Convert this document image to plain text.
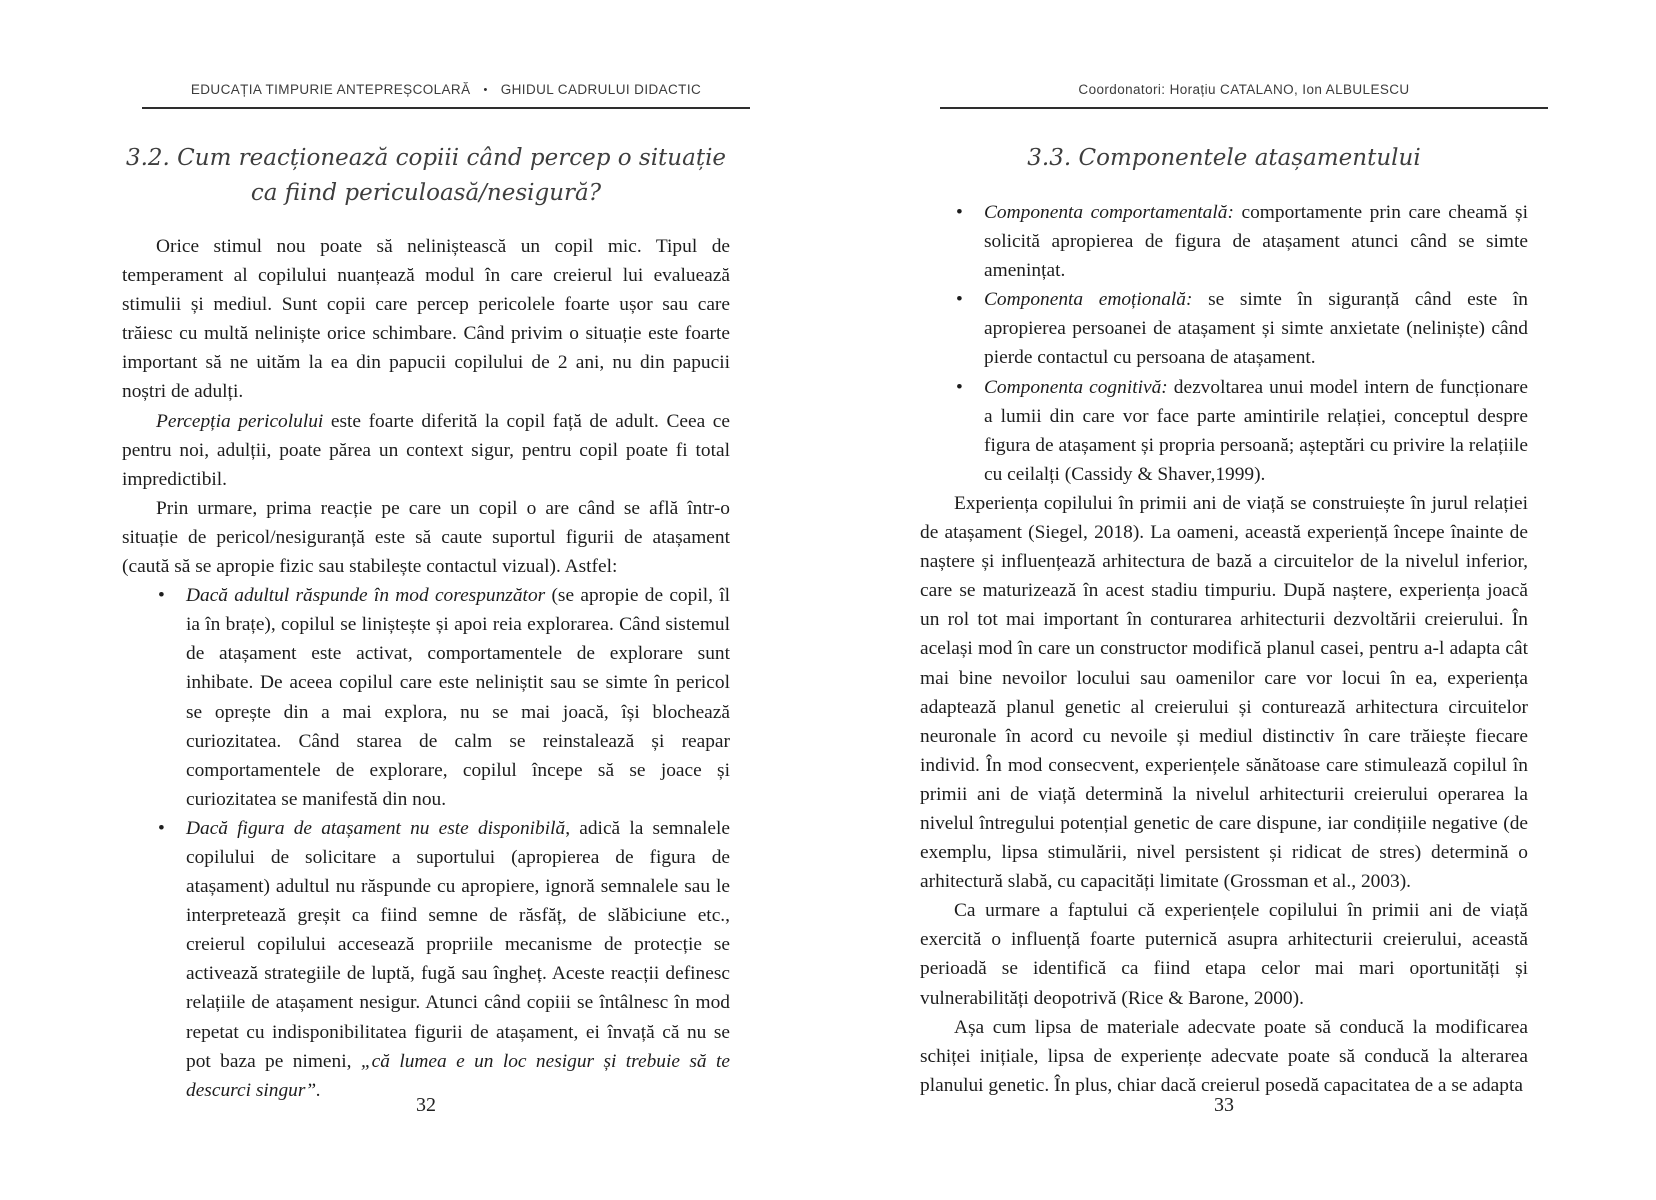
EDUCAȚIA TIMPURIE ANTEPREȘCOLARĂ • GHIDUL CADRULUI DIDACTIC
3.2. Cum reacționează copiii când percep o situație ca fiind periculoasă/nesigură?
Orice stimul nou poate să neliniștească un copil mic. Tipul de temperament al copilului nuanțează modul în care creierul lui evaluează stimulii și mediul. Sunt copii care percep pericolele foarte ușor sau care trăiesc cu multă neliniște orice schimbare. Când privim o situație este foarte important să ne uităm la ea din papucii copilului de 2 ani, nu din papucii noștri de adulți.
Percepția pericolului este foarte diferită la copil față de adult. Ceea ce pentru noi, adulții, poate părea un context sigur, pentru copil poate fi total impredictibil.
Prin urmare, prima reacție pe care un copil o are când se află într-o situație de pericol/nesiguranță este să caute suportul figurii de atașament (caută să se apropie fizic sau stabilește contactul vizual). Astfel:
• Dacă adultul răspunde în mod corespunzător (se apropie de copil, îl ia în brațe), copilul se liniștește și apoi reia explorarea. Când sistemul de atașament este activat, comportamentele de explorare sunt inhibate. De aceea copilul care este neliniștit sau se simte în pericol se oprește din a mai explora, nu se mai joacă, își blochează curiozitatea. Când starea de calm se reinstalează și reapar comportamentele de explorare, copilul începe să se joace și curiozitatea se manifestă din nou.
• Dacă figura de atașament nu este disponibilă, adică la semnalele copilului de solicitare a suportului (apropierea de figura de atașament) adultul nu răspunde cu apropiere, ignoră semnalele sau le interpretează greșit ca fiind semne de răsfăț, de slăbiciune etc., creierul copilului accesează propriile mecanisme de protecție se activează strategiile de luptă, fugă sau îngheț. Aceste reacții definesc relațiile de atașament nesigur. Atunci când copiii se întâlnesc în mod repetat cu indisponibilitatea figurii de atașament, ei învață că nu se pot baza pe nimeni, „că lumea e un loc nesigur și trebuie să te descurci singur”.
32
Coordonatori: Horațiu CATALANO, Ion ALBULESCU
3.3. Componentele atașamentului
• Componenta comportamentală: comportamente prin care cheamă și solicită apropierea de figura de atașament atunci când se simte amenințat.
• Componenta emoțională: se simte în siguranță când este în apropierea persoanei de atașament și simte anxietate (neliniște) când pierde contactul cu persoana de atașament.
• Componenta cognitivă: dezvoltarea unui model intern de funcționare a lumii din care vor face parte amintirile relației, conceptul despre figura de atașament și propria persoană; așteptări cu privire la relațiile cu ceilalți (Cassidy & Shaver,1999).
Experiența copilului în primii ani de viață se construiește în jurul relației de atașament (Siegel, 2018). La oameni, această experiență începe înainte de naștere și influențează arhitectura de bază a circuitelor de la nivelul inferior, care se maturizează în acest stadiu timpuriu. După naștere, experiența joacă un rol tot mai important în conturarea arhitecturii dezvoltării creierului. În același mod în care un constructor modifică planul casei, pentru a-l adapta cât mai bine nevoilor locului sau oamenilor care vor locui în ea, experiența adaptează planul genetic al creierului și conturează arhitectura circuitelor neuronale în acord cu nevoile și mediul distinctiv în care trăiește fiecare individ. În mod consecvent, experiențele sănătoase care stimulează copilul în primii ani de viață determină la nivelul arhitecturii creierului operarea la nivelul întregului potențial genetic de care dispune, iar condițiile negative (de exemplu, lipsa stimulării, nivel persistent și ridicat de stres) determină o arhitectură slabă, cu capacități limitate (Grossman et al., 2003).
Ca urmare a faptului că experiențele copilului în primii ani de viață exercită o influență foarte puternică asupra arhitecturii creierului, această perioadă se identifică ca fiind etapa celor mai mari oportunități și vulnerabilități deopotrivă (Rice & Barone, 2000).
Așa cum lipsa de materiale adecvate poate să conducă la modificarea schiței inițiale, lipsa de experiențe adecvate poate să conducă la alterarea planului genetic. În plus, chiar dacă creierul posedă capacitatea de a se adapta
33
